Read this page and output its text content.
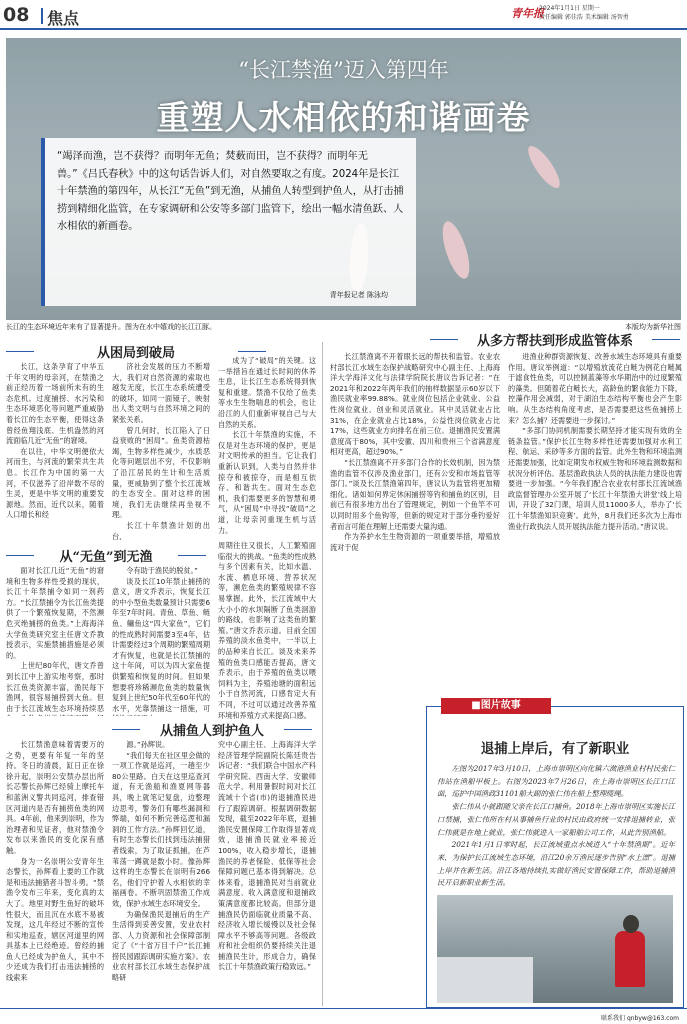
08 焦点	青年报
2024年1月1日 星期一
责任编辑 郭佳浩 美术编辑 汤智勇
“长江禁渔”迈入第四年
重塑人水相依的和谐画卷
“竭泽而渔，岂不获得？而明年无鱼；焚薮而田，岂不获得？而明年无兽。”《吕氏春秋》中的这句话告诉人们，对自然要取之有度。2024年是长江十年禁渔的第四年，从长江“无鱼”到无渔，从捕鱼人转型到护鱼人，从打击捕捞到精细化监管，在专家调研和公安等多部门监管下，绘出一幅水清鱼跃、人水相依的新画卷。
青年报记者 陈泳均
长江的生态环境近年来有了显著提升。图为在水中嬉戏的长江江豚。	本版均为新华社图
从困局到破局
长江，这条孕育了中华五千年文明的母亲河，在禁渔之前正经历着一场前所未有的生态危机。过度捕捞、水污染和生态环境恶化等问题严重威胁着长江的生态平衡，使得这条曾经鱼翔浅底、生机盎然的河流面临几近“无鱼”的窘境。
在以往，中华文明便依大河而生，与河流的繁荣共生共息。长江作为中国的第一大河，不仅滋养了沿岸数不尽的生灵，更是中华文明的重要发源地。然而，近代以来，随着人口增长和经
济社会发展的压力不断增大，我们对自然资源的索取也越发无度，长江生态系统遭受的破坏，如同一面镜子，映射出人类文明与自然环境之间的紧张关系。
曾几何时，长江陷入了日益衰败的“困局”。鱼类资源枯竭，生物多样性减少，水质恶化等问题层出不穷，不仅影响了沿江居民的生计和生活质量，更威胁到了整个长江流域的生态安全。面对这样的困境，我们无法继续再坐视不理。
长江十年禁渔计划的出台，
成为了“破局”的关键。这一举措旨在通过长时间的休养生息，让长江生态系统得到恢复和重建。禁渔不仅给了鱼类等水生生物喘息的机会，也让沿江的人们重新审视自己与大自然的关系。
长江十年禁渔的实施，不仅是对生态环境的保护，更是对文明传承的担当。它让我们重新认识到，人类与自然并非掠夺和被掠夺，而是相互依存、和谐共生。面对生态危机，我们需要更多的智慧和勇气，从“困局”中寻找“破局”之道，让母亲河重现生机与活力。
从“无鱼”到无渔
面对长江几近“无鱼”的窘境和生物多样性受损的现状，长江十年禁捕令如同一剂药方。“长江禁捕令为长江鱼类提供了一个繁殖恢复期，不然濒危灭绝捕捞的鱼类。”上海海洋大学鱼类研究室主任唐文乔教授表示，实施禁捕措施是必须的。
上世纪80年代，唐文乔曾到长江中上游实地考察，那时长江鱼类资源丰富，渔民每下渔网，很容易捕捞到大鱼。但由于长江流域生态环境持续恶
令有助于渔民的脱贫。”
谈及长江10年禁止捕捞的意义，唐文乔表示，恢复长江的中小型鱼类数量预计只需要6年至7年时间。青鱼、草鱼、鲢鱼、鳙鱼这“四大家鱼”，它们的性成熟时间需要3至4年，估计需要经过3个周期的繁殖周期才有恢复，也就是长江禁捕的这十年间，可以为四大家鱼提供繁殖和恢复的时间。但如果想要将珍稀濒危鱼类的数量恢复到上世纪50年代至60年代的水平，光靠禁捕这一措施，可
周期往往又很长，人工繁殖面临很大的挑战。“鱼类的性成熟与多个因素有关，比如水温、水流、栖息环境、营养状况等，濒危鱼类的繁殖规律不容易掌握。此外，长江流域中大大小小的水坝隔断了鱼类洄游的路线，也影响了这类鱼的繁殖。”唐文乔表示道。目前全国养殖的淡水鱼类中，一半以上的品种来自长江。谈及未来养殖的鱼类口感能否提高，唐文乔表示，由于养殖的鱼类以喂饲料为主，养殖池塘的面积远小于自然河流，口感肯定大有不同，不过可以通过改善养殖环境和养殖方式来提高口感。
从捕鱼人到护鱼人
长江禁渔意味着需要万的之势，更要有年复一年的坚持。冬日的清晨，缸日正在徐徐升起，崇明公安禁办层出所长芯警长孙辉已经骑上摩托车和蓝洲义警共同巡河，排查错区河道内是否有捕捞鱼类的网具。4年前，他来到崇明，作为治理者和见证者，他对禁渔令发布以来渔民的变化深有感触。
身为一名崇明公安青年生态警长，孙辉看上要的工作就是和违法捕猎者斗智斗勇。“禁渔令发布三年来，变化真的太大了。地里对野生鱼好的破坏性很大，而且沉在水底不易被发现，这几年经过不断的宣传和实地巡查，辖区河道里的网具基本上已经绝迹。曾经的捕鱼人已经成为护鱼人，其中不少还成为我们打击违法捕捞的线索来
源。”孙辉说。
“我们每天在社区里会做的一项工作就是巡河，一趟至少80公里路。白天在这里巡查河道，有无渔船和渔夏网等器具，晚上就笔记复盘，边整理边思考，警务们有哪些漏洞和弊端，如何不断完善巡逻和漏洞的工作方法。”孙辉回忆道，有时生态警长们找到违法捕猎者线索，为了取证抓捕，在芦苇荡一蹲就是数小时。像孙辉这样的生态警长在崇明有266名，他们守护着人水相依的幸福画卷。不断巩固禁渔工作成效，保护水域生态环境安全。
为确保渔民退捕后的生产生活得到妥善安置，安业农村部、人力资源和社会保障部制定了《“十省万目千户”长江捕捞民园跟踪调研实施方案》。农业农村部长江水域生态保护战略研
究中心副主任、上海海洋大学经济管理学院副院长陈廷贵告诉记者：“我们联合中国水产科学研究院、西南大学、安徽师范大学、利用暑假时间对长江流域十个省(市)的退捕渔民进行了跟踪调研。根据调研数据发现，截至2022年年底，退捕渔民安置保障工作取得显著成效，退捕渔民就业率接近100%，收入稳步增长，退捕渔民的养老保险、低保等社会保障问题已基本得到解决。总体来看，退捕渔民对当前就业满意度、收入满意度和退捕政策满意度都比较高。但部分退捕渔民仍面临就业质量不高、经济收入增长缓慢以及社会保障水平不够高等问题。各级政府和社会组织仍要持续关注退捕渔民生计，形成合力，确保长江十年禁渔政策行稳致远。”
从多方帮扶到形成监管体系
长江禁渔离不开着眼长远的帮扶和监管。农业农村部长江水域生态保护战略研究中心副主任、上海海洋大学海洋文化与法律学院院长唐议告诉记者：“在2021年和2022年两年我们的抽样数据显示60岁以下渔民就业率99.88%。就业岗位包括企业就业、公益性岗位就业、创业和灵活就业。其中灵活就业占比31%，在企业就业占比18%，公益性岗位就业占比17%，这些就业方向排名在前三位。退捕渔民安置满意度高于80%，其中安徽、四川和贵州三个省满意度相对更高，超过90%。”
“长江禁渔离不开多部门合作的长效机制，因为禁渔的监管不仅涉及渔业部门，还有公安和市场监管等部门。”谈及长江禁渔第四年，唐议认为监管将更加精细化。诸如如何界定休闲捕捞等钓和捕鱼的区别，目前已有很多地方出台了管理规定，例如一个鱼竿不可以同时用多个鱼钩等，但新的规定对于部分垂钓爱好者而言可能在理解上还需要大量沟通。
作为养护水生生物资源的一项重要举措，增殖放流对于促
进渔业种群资源恢复、改善水域生态环境具有重要作用。唐议举例道：“以增殖放流花白鲢为例花白鲢属于滤食性鱼类，可以控制蓝藻等水华期治中的过度繁殖的藻类。但随着花白鲢长大，高龄鱼的繁食能力下降，控藻作用会减弱，对于湖泊生态结构平衡也会产生影响。从生态结构角度考虑，是否需要把这些鱼捕捞上来？怎么捕？还需要进一步探讨。”
“多部门协同机制需要长期坚持才能实现有效的全链条监管。”保护长江生物多样性还需要加强对水利工程、航运、采砂等多方面的监管。此外生物和环境监测还需要加强，比如定期发布权威生物和环境监测数据和状况分析评估。基层渔政执法人员的执法能力建设也需要进一步加强。“今年我们配合农业农村部长江流域渔政监督管理办公室开展了‘长江十年禁渔大讲堂’线上培训，开设了32门课，培训人员11000多人，举办了‘长江十年禁渔知识竞赛’。此外，8月我们还多次为上海市渔业行政执法人员开展执法能力提升活动。”唐议说。
■图片故事
退捕上岸后，有了新职业
左图为2017年3月10日，上海市崇明区向化镇六滧港渔业村村民张仁伟站在渔船甲板上。右图为2023年7月26日，在上海市崇明区长江口江面，巡护中国渔政31101船大副的张仁伟在船上整理缆绳。
张仁伟从小就跟随父亲在长江口捕鱼。2018年上海市崇明区实施长江口禁捕，张仁伟所在村从事捕鱼行业的村民由政府统一安排退捕转业，张仁伟就是在地上就业，张仁伟就进入一家船舶公司工作，从此告别渔船。
2021年1月1日零时起，长江流域重点水域进入“十年禁渔期”。近年来，为保护长江流域生态环境，沿江20余万渔民逐步告别“水上漂”。退捕上岸并在新生活。沿江各地持续扎实做好渔民安置保障工作，帮助退捕渔民开启新职业新生活。
联系我们 qnbyw@163.com
